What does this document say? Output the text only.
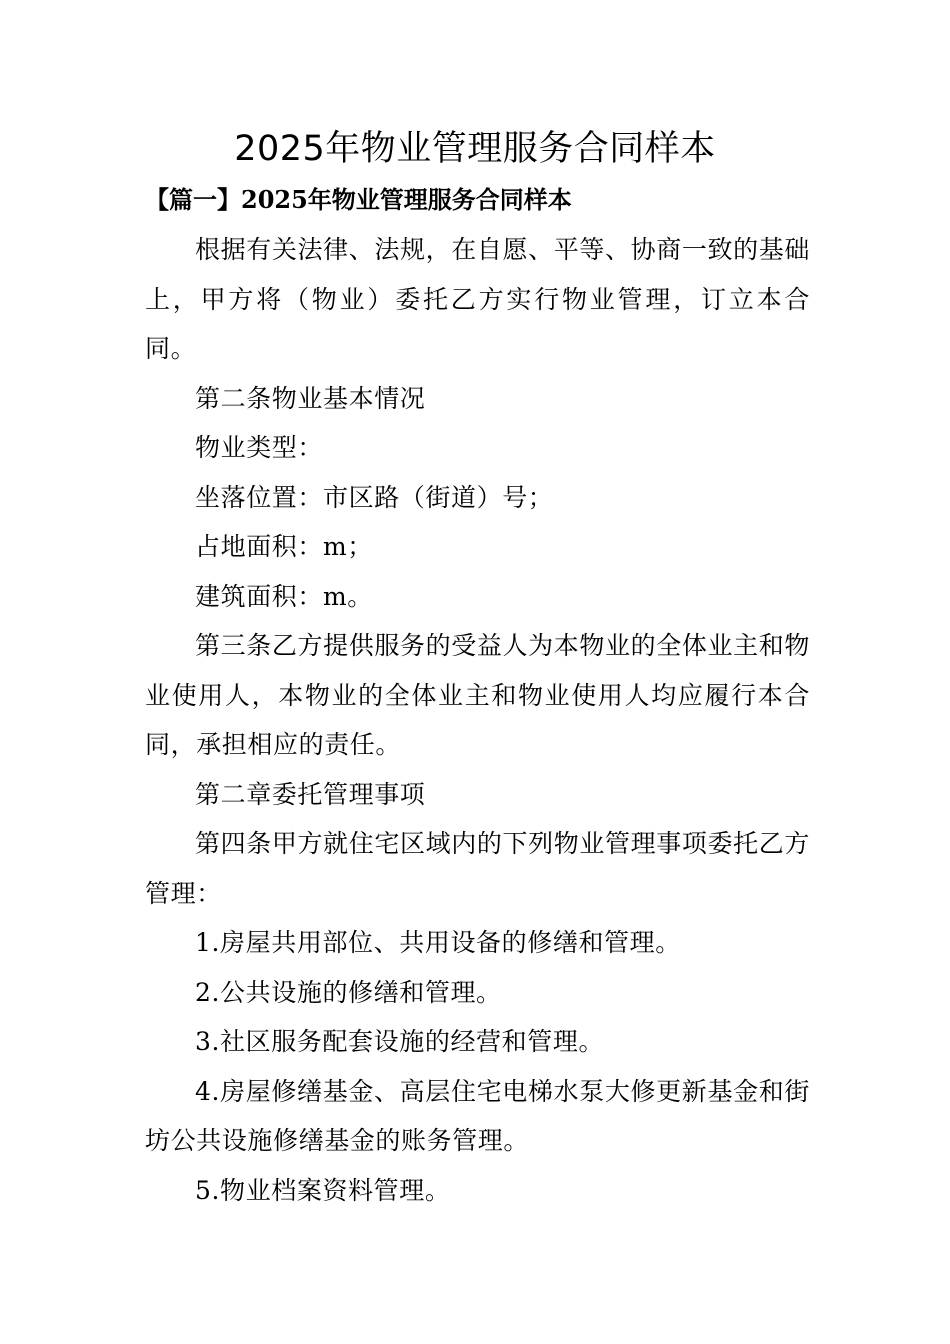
2025年物业管理服务合同样本
【篇一】2025年物业管理服务合同样本

根据有关法律、法规，在自愿、平等、协商一致的基础上，甲方将（物业）委托乙方实行物业管理，订立本合同。

第二条物业基本情况

物业类型：

坐落位置：市区路（街道）号；

占地面积：m；

建筑面积：m。

第三条乙方提供服务的受益人为本物业的全体业主和物业使用人，本物业的全体业主和物业使用人均应履行本合同，承担相应的责任。

第二章委托管理事项

第四条甲方就住宅区域内的下列物业管理事项委托乙方管理：

1.房屋共用部位、共用设备的修缮和管理。

2.公共设施的修缮和管理。

3.社区服务配套设施的经营和管理。

4.房屋修缮基金、高层住宅电梯水泵大修更新基金和街坊公共设施修缮基金的账务管理。

5.物业档案资料管理。
